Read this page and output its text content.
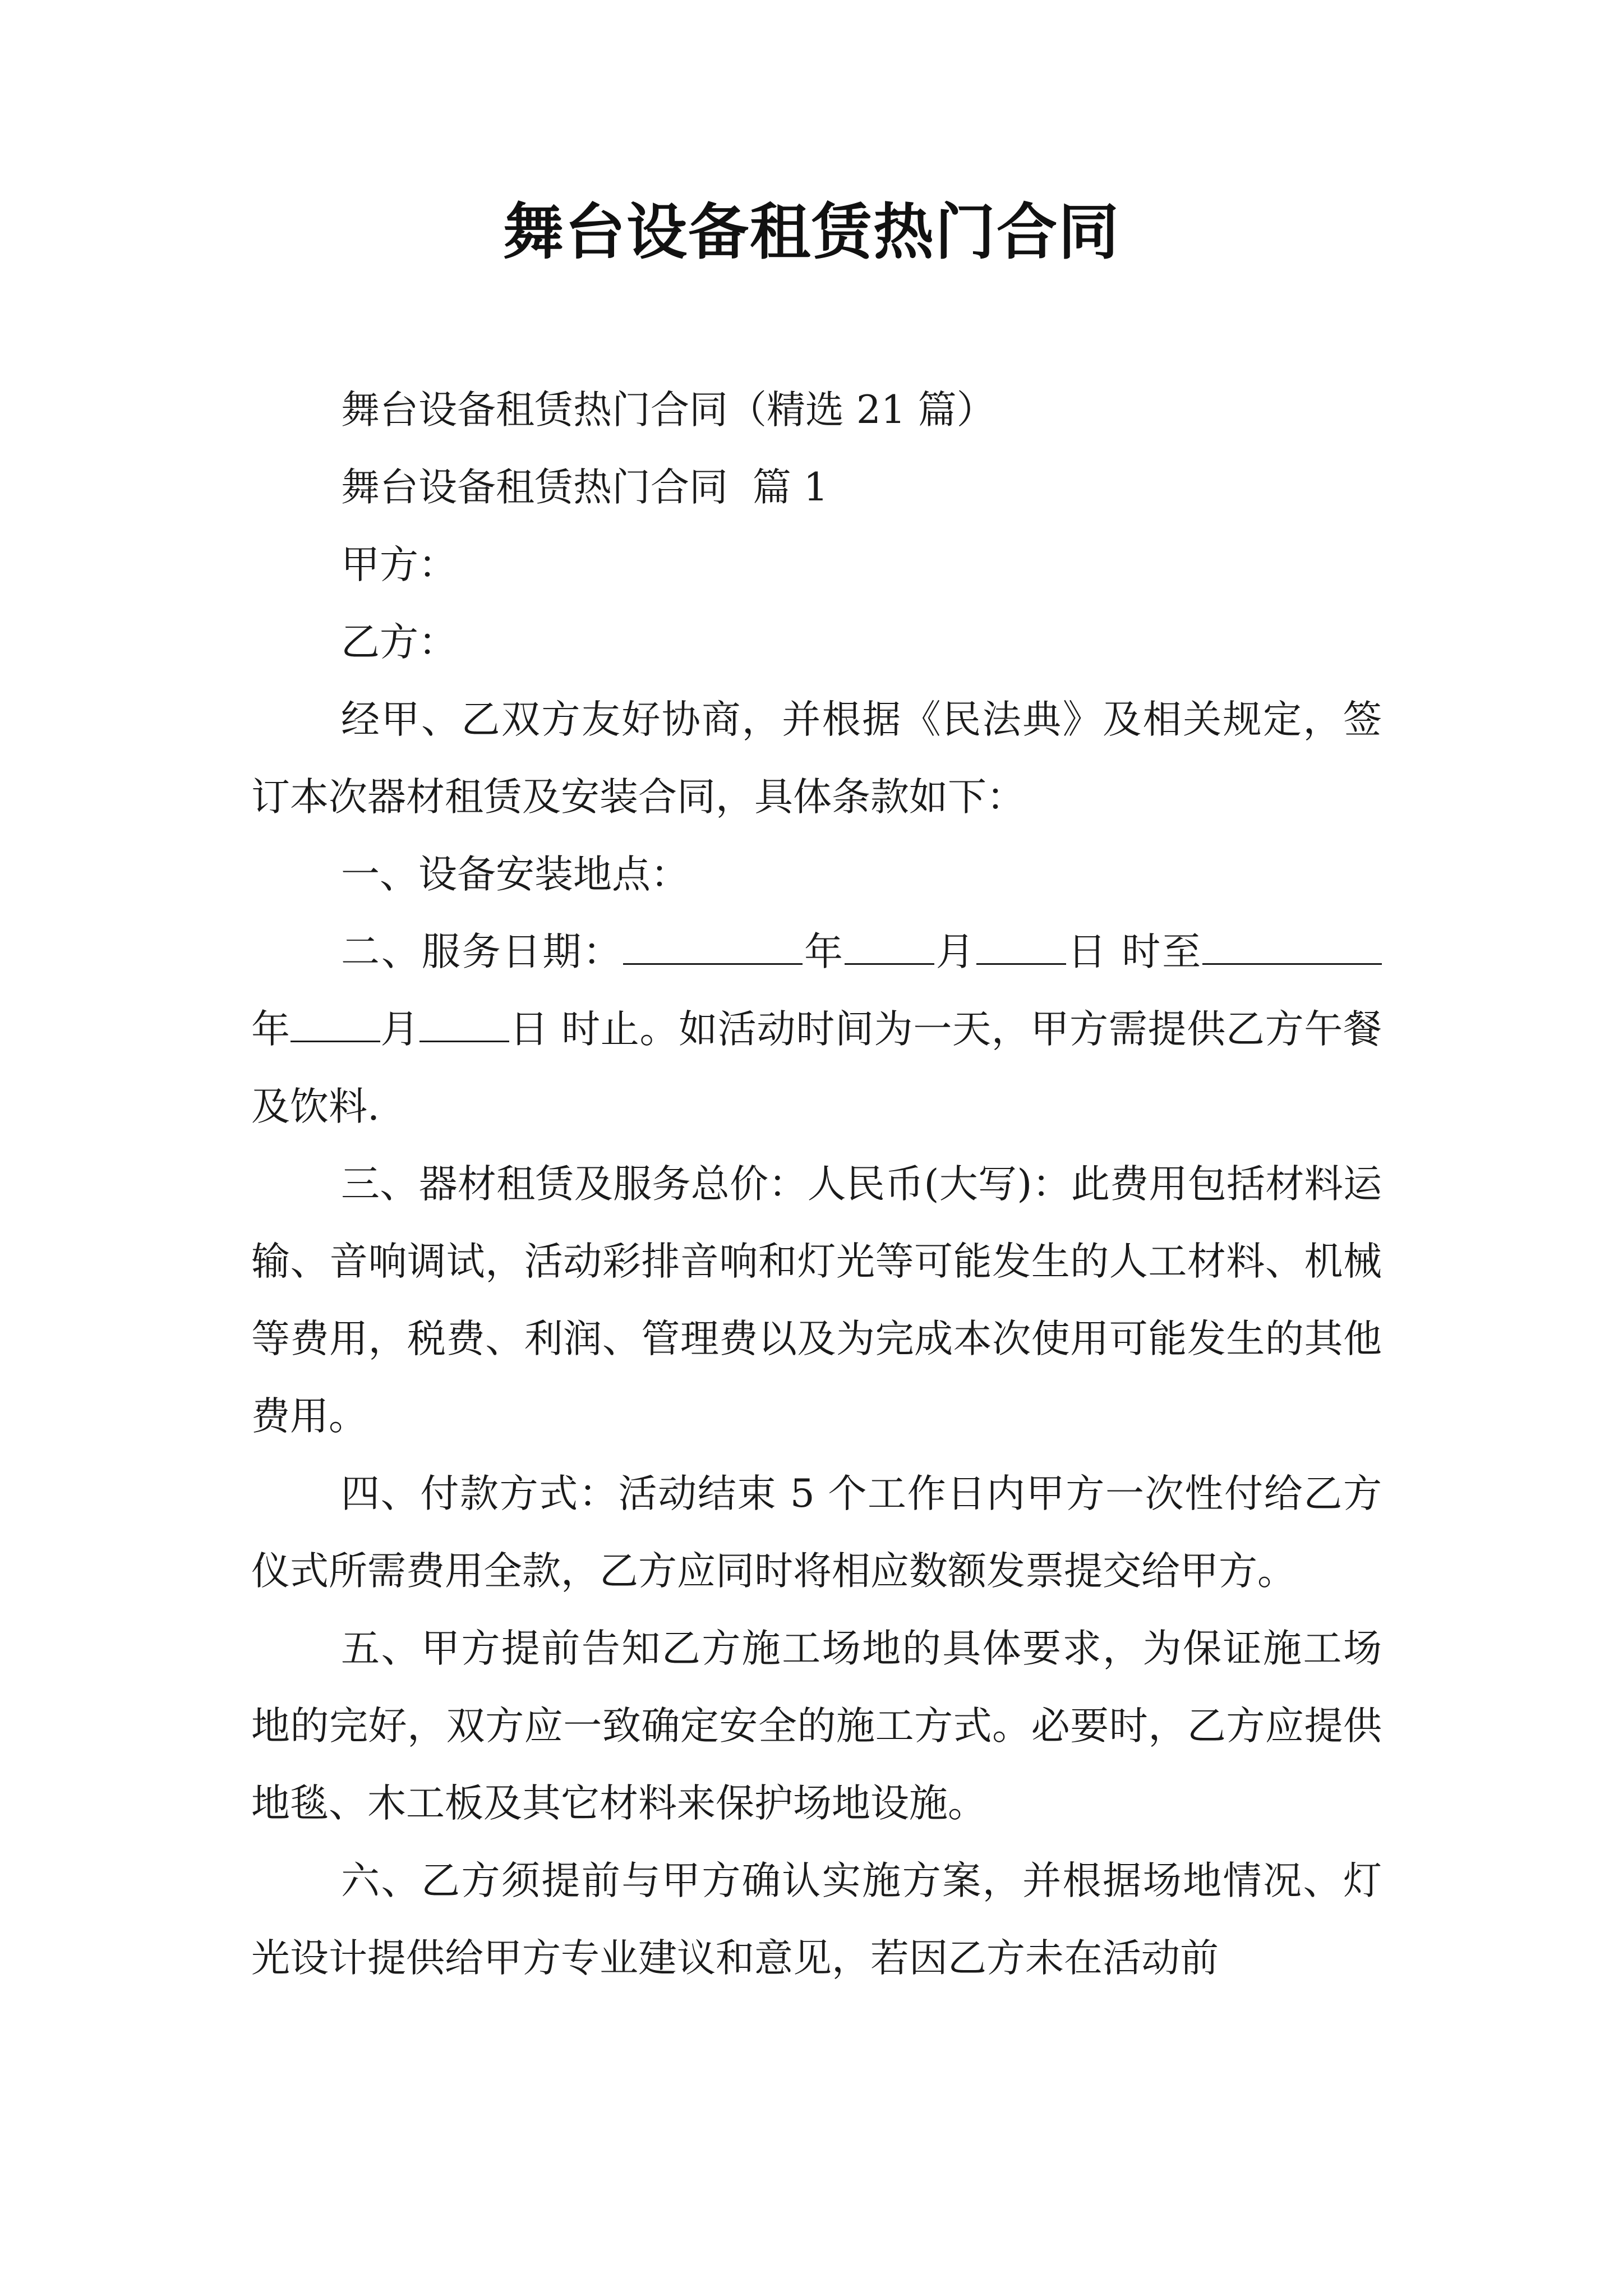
舞台设备租赁热门合同

舞台设备租赁热门合同（精选 21 篇）

舞台设备租赁热门合同  篇 1

甲方：

乙方：

经甲、乙双方友好协商，并根据《民法典》及相关规定，签订本次器材租赁及安装合同，具体条款如下：

一、设备安装地点：

二、服务日期：	年 月 日 时至年 月 日 时止。如活动时间为一天，甲方需提供乙方午餐及饮料.

三、器材租赁及服务总价：人民币(大写)：此费用包括材料运输、音响调试，活动彩排音响和灯光等可能发生的人工材料、机械等费用，税费、利润、管理费以及为完成本次使用可能发生的其他费用。

四、付款方式：活动结束 5 个工作日内甲方一次性付给乙方仪式所需费用全款，乙方应同时将相应数额发票提交给甲方。

五、甲方提前告知乙方施工场地的具体要求，为保证施工场地的完好，双方应一致确定安全的施工方式。必要时，乙方应提供地毯、木工板及其它材料来保护场地设施。

六、乙方须提前与甲方确认实施方案，并根据场地情况、灯光设计提供给甲方专业建议和意见，若因乙方未在活动前
